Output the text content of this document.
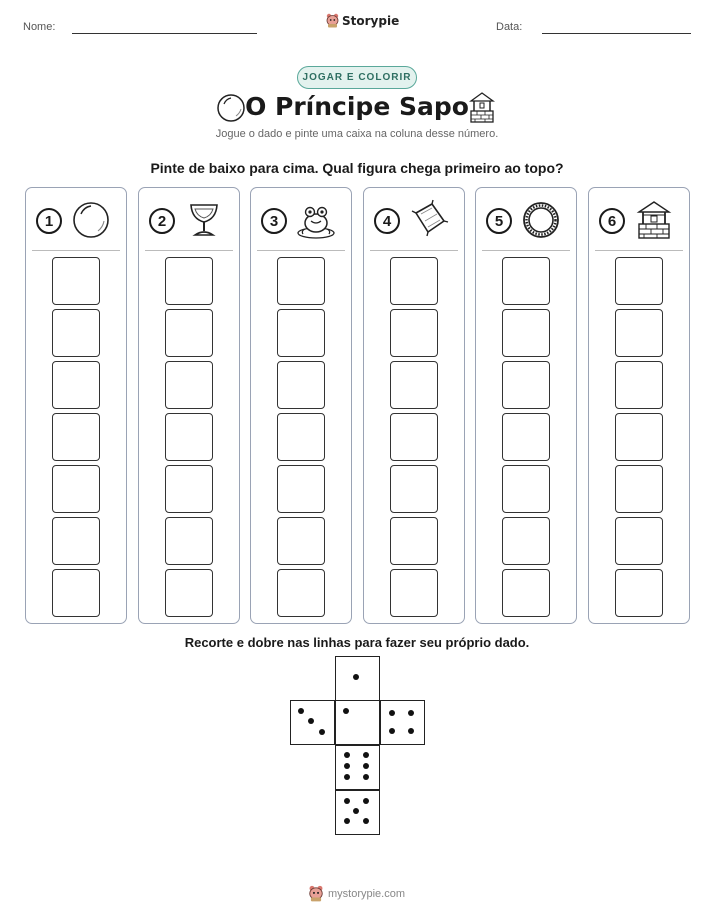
Nome:	Storypie	Data:
JOGAR E COLORIR
O Príncipe Sapo
Jogue o dado e pinte uma caixa na coluna desse número.
Pinte de baixo para cima. Qual figura chega primeiro ao topo?
1	2	3	4	5	6
Recorte e dobre nas linhas para fazer seu próprio dado.
mystorypie.com
